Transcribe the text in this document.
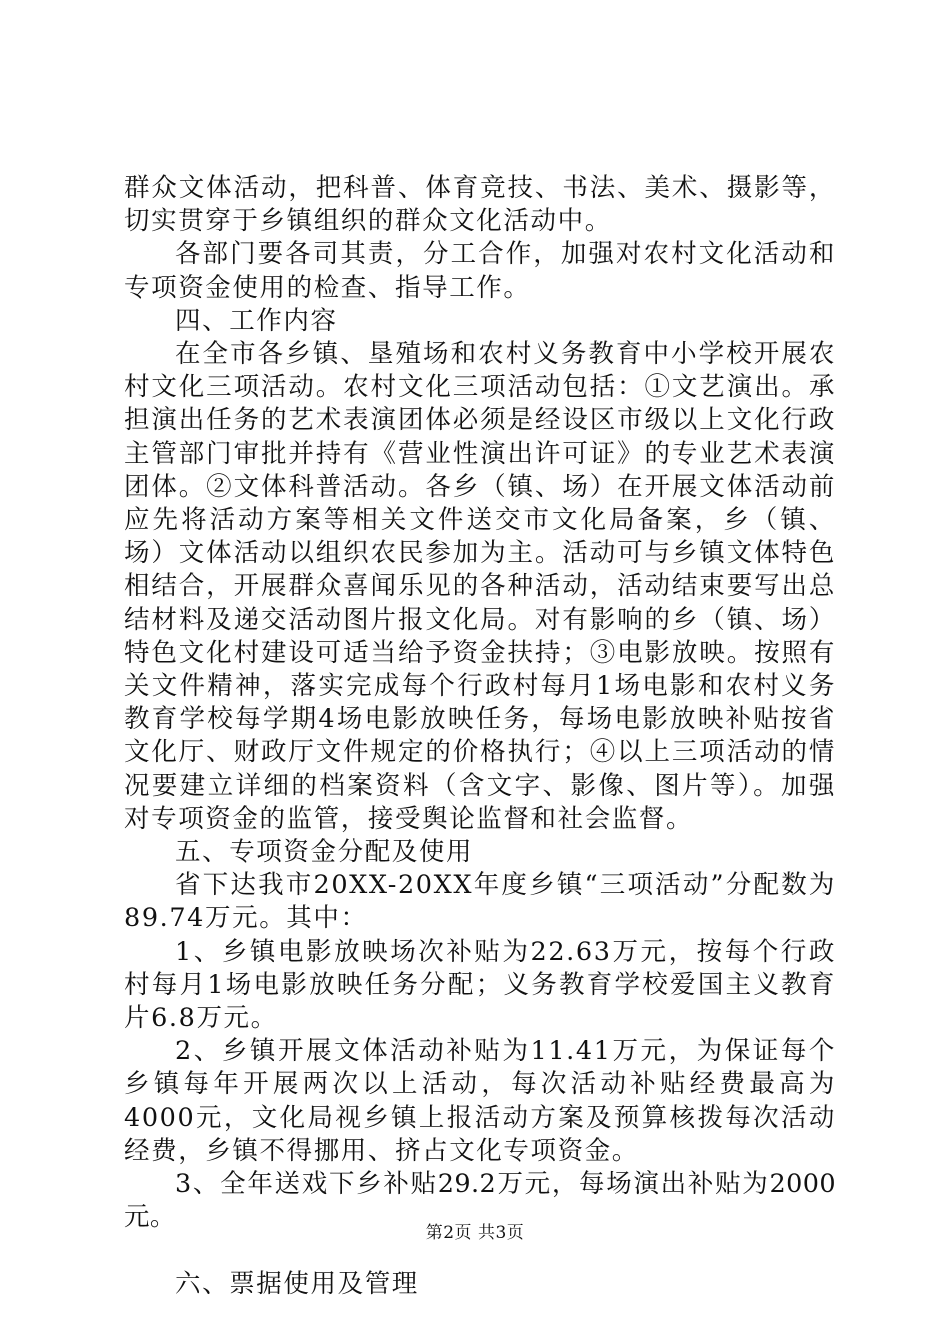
群众文体活动，把科普、体育竞技、书法、美术、摄影等，切实贯穿于乡镇组织的群众文化活动中。

各部门要各司其责，分工合作，加强对农村文化活动和专项资金使用的检查、指导工作。

四、工作内容

在全市各乡镇、垦殖场和农村义务教育中小学校开展农村文化三项活动。农村文化三项活动包括：①文艺演出。承担演出任务的艺术表演团体必须是经设区市级以上文化行政主管部门审批并持有《营业性演出许可证》的专业艺术表演团体。②文体科普活动。各乡（镇、场）在开展文体活动前应先将活动方案等相关文件送交市文化局备案，乡（镇、场）文体活动以组织农民参加为主。活动可与乡镇文体特色相结合，开展群众喜闻乐见的各种活动，活动结束要写出总结材料及递交活动图片报文化局。对有影响的乡（镇、场）特色文化村建设可适当给予资金扶持；③电影放映。按照有关文件精神，落实完成每个行政村每月1场电影和农村义务教育学校每学期4场电影放映任务，每场电影放映补贴按省文化厅、财政厅文件规定的价格执行；④以上三项活动的情况要建立详细的档案资料（含文字、影像、图片等）。加强对专项资金的监管，接受舆论监督和社会监督。

五、专项资金分配及使用

省下达我市20XX-20XX年度乡镇“三项活动”分配数为89.74万元。其中：

1、乡镇电影放映场次补贴为22.63万元，按每个行政村每月1场电影放映任务分配；义务教育学校爱国主义教育片6.8万元。

2、乡镇开展文体活动补贴为11.41万元，为保证每个乡镇每年开展两次以上活动，每次活动补贴经费最高为4000元，文化局视乡镇上报活动方案及预算核拨每次活动经费，乡镇不得挪用、挤占文化专项资金。

3、全年送戏下乡补贴29.2万元，每场演出补贴为2000元。

六、票据使用及管理

第2页 共3页
